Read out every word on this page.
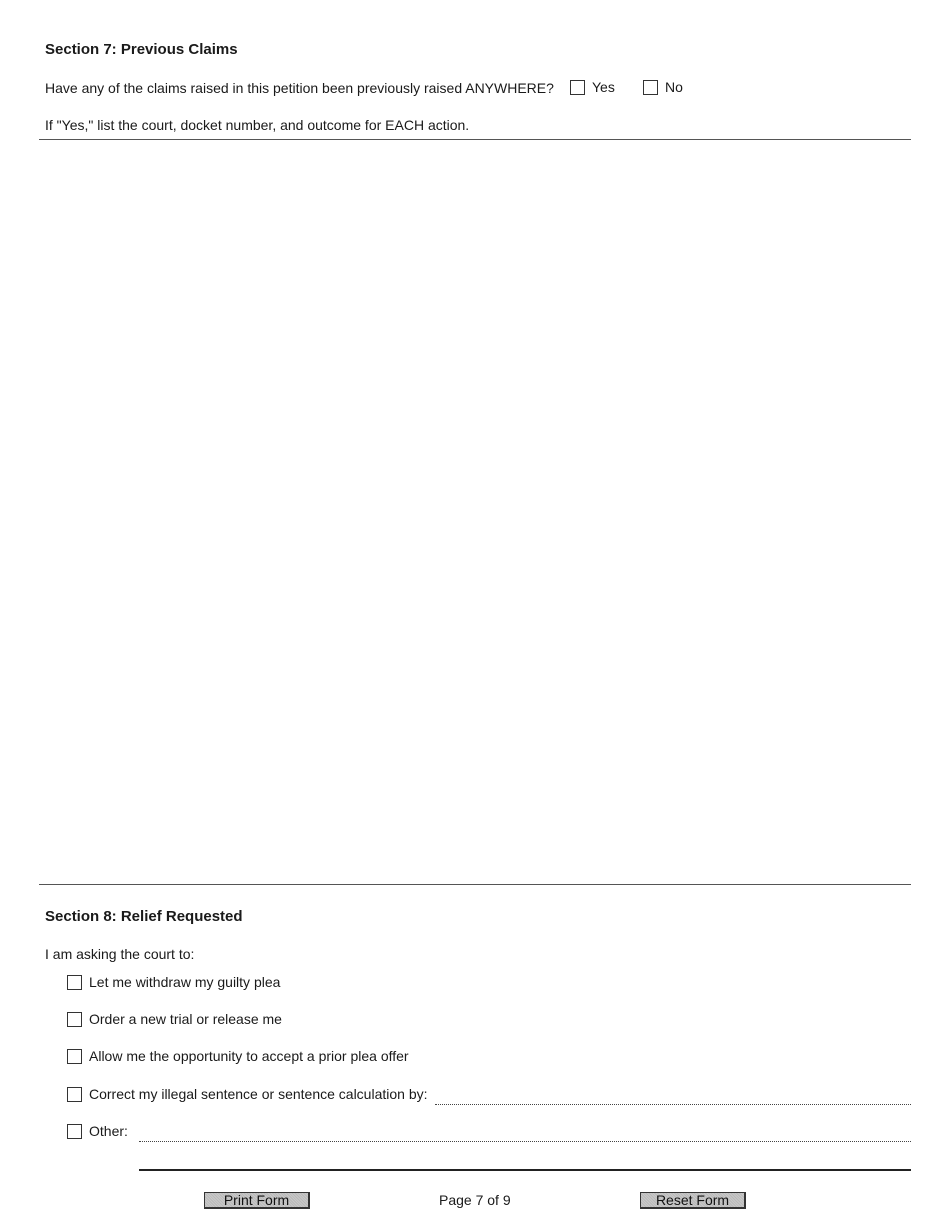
Section 7: Previous Claims
Have any of the claims raised in this petition been previously raised ANYWHERE?	Yes	No
If "Yes," list the court, docket number, and outcome for EACH action.
Section 8: Relief Requested
I am asking the court to:
Let me withdraw my guilty plea
Order a new trial or release me
Allow me the opportunity to accept a prior plea offer
Correct my illegal sentence or sentence calculation by:
Other:
Print Form	Page 7 of 9	Reset Form
